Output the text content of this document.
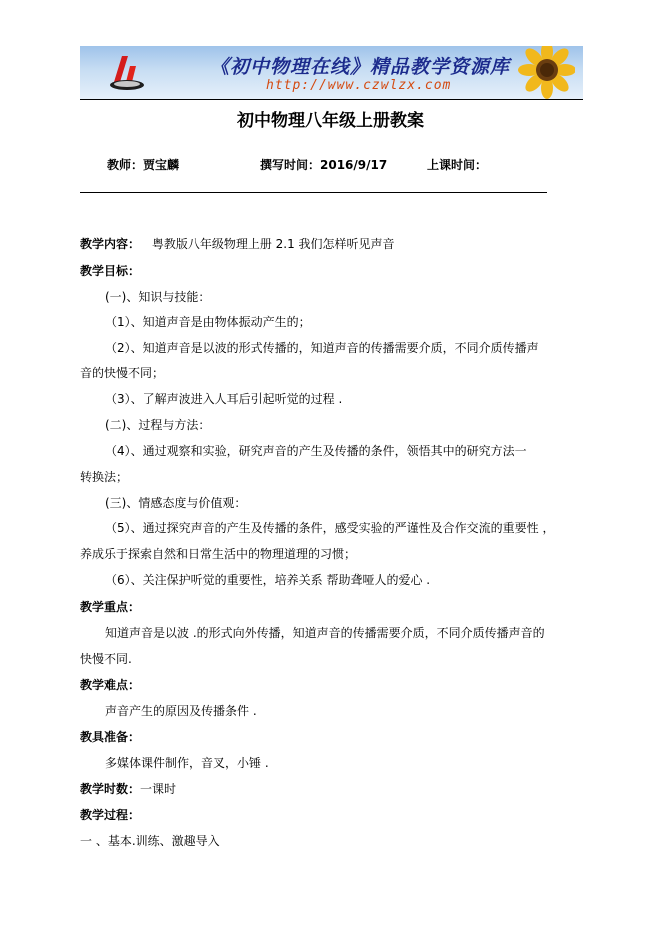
《初中物理在线》精品教学资源库
http://www.czwlzx.com
初中物理八年级上册教案
教师：贾宝麟	撰写时间：2016/9/17	上课时间：
教学内容： 粤教版八年级物理上册 2.1 我们怎样听见声音
教学目标：
(一)、知识与技能：
（1）、知道声音是由物体振动产生的；
（2）、知道声音是以波的形式传播的，知道声音的传播需要介质，不同介质传播声
音的快慢不同；
（3）、了解声波进入人耳后引起听觉的过程 .
(二)、过程与方法：
（4）、通过观察和实验，研究声音的产生及传播的条件，领悟其中的研究方法一
转换法；
(三)、情感态度与价值观：
（5）、通过探究声音的产生及传播的条件，感受实验的严谨性及合作交流的重要性 ，
养成乐于探索自然和日常生活中的物理道理的习惯；
（6）、关注保护听觉的重要性，培养关系 帮助聋哑人的爱心 .
教学重点：
知道声音是以波 .的形式向外传播，知道声音的传播需要介质，不同介质传播声音的
快慢不同.
教学难点：
声音产生的原因及传播条件 .
教具准备：
多媒体课件制作，音叉，小锤 .
教学时数：一课时
教学过程：
一 、基本.训练、激趣导入
